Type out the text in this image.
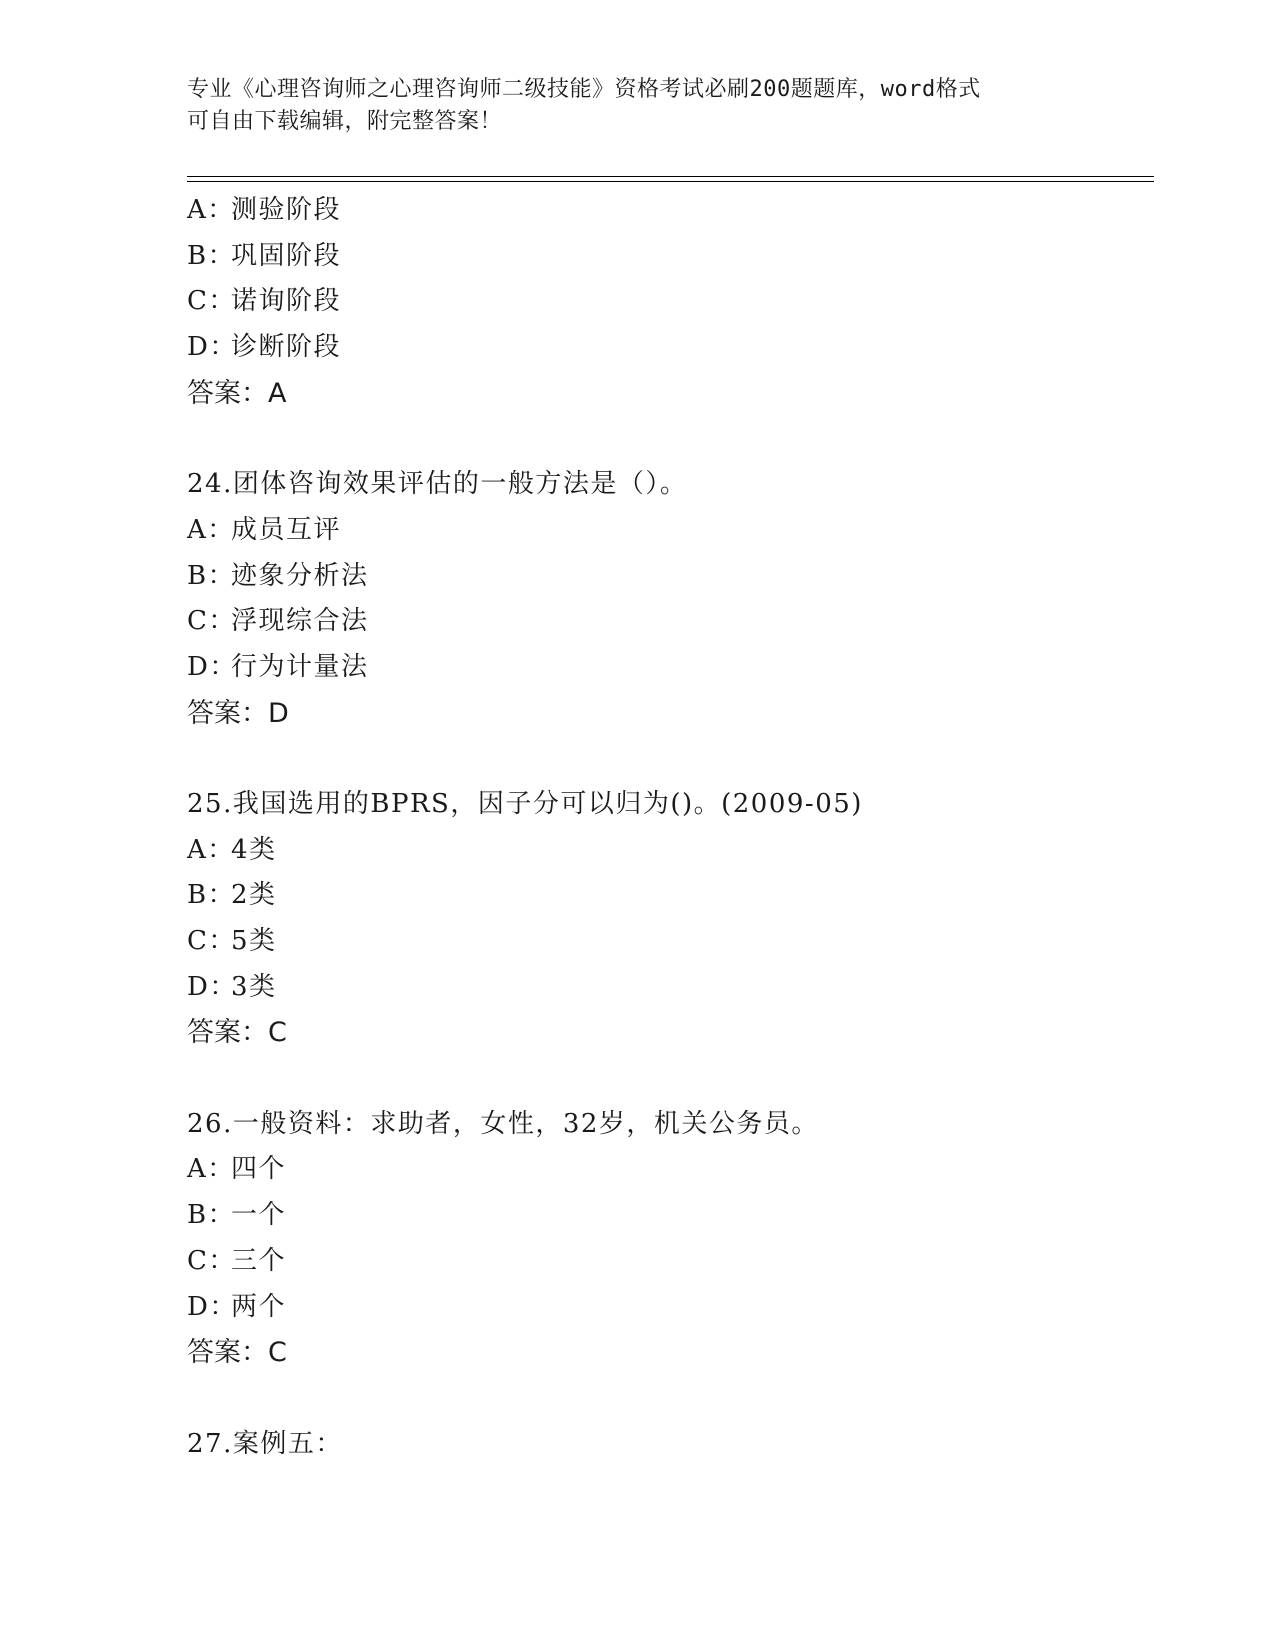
专业《心理咨询师之心理咨询师二级技能》资格考试必刷200题题库，word格式
可自由下载编辑，附完整答案！
A：测验阶段
B：巩固阶段
C：诺询阶段
D：诊断阶段
答案：A
24.团体咨询效果评估的一般方法是（）。
A：成员互评
B：迹象分析法
C：浮现综合法
D：行为计量法
答案：D
25.我国选用的BPRS，因子分可以归为()。(2009-05)
A：4类
B：2类
C：5类
D：3类
答案：C
26.一般资料：求助者，女性，32岁，机关公务员。
A：四个
B：一个
C：三个
D：两个
答案：C
27.案例五：
